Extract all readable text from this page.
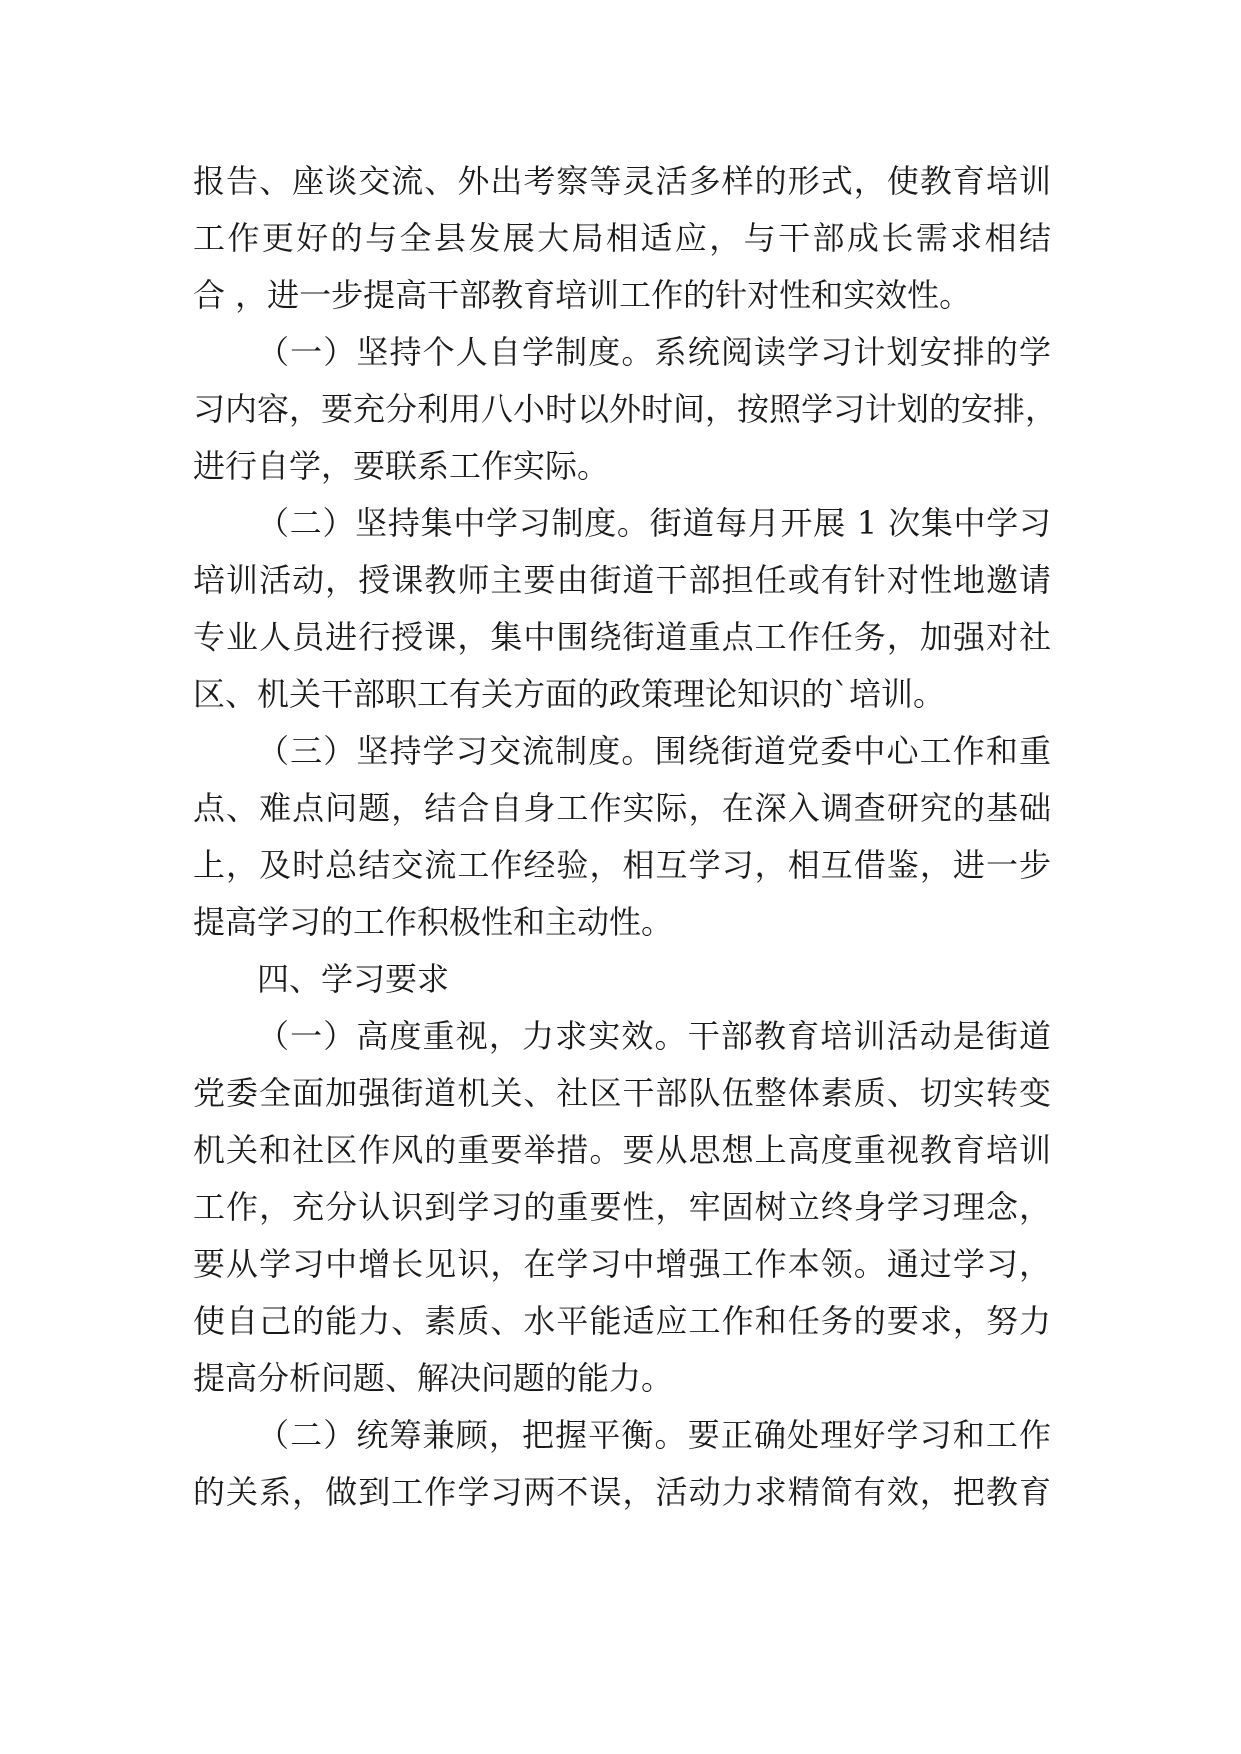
报告、座谈交流、外出考察等灵活多样的形式，使教育培训
工作更好的与全县发展大局相适应，与干部成长需求相结
合 ，进一步提高干部教育培训工作的针对性和实效性。
（一）坚持个人自学制度。系统阅读学习计划安排的学
习内容，要充分利用八小时以外时间，按照学习计划的安排，
进行自学，要联系工作实际。
（二）坚持集中学习制度。街道每月开展 1 次集中学习
培训活动，授课教师主要由街道干部担任或有针对性地邀请
专业人员进行授课，集中围绕街道重点工作任务，加强对社
区、机关干部职工有关方面的政策理论知识的`培训。
（三）坚持学习交流制度。围绕街道党委中心工作和重
点、难点问题，结合自身工作实际，在深入调查研究的基础
上，及时总结交流工作经验，相互学习，相互借鉴，进一步
提高学习的工作积极性和主动性。
四、学习要求
（一）高度重视，力求实效。干部教育培训活动是街道
党委全面加强街道机关、社区干部队伍整体素质、切实转变
机关和社区作风的重要举措。要从思想上高度重视教育培训
工作，充分认识到学习的重要性，牢固树立终身学习理念，
要从学习中增长见识，在学习中增强工作本领。通过学习，
使自己的能力、素质、水平能适应工作和任务的要求，努力
提高分析问题、解决问题的能力。
（二）统筹兼顾，把握平衡。要正确处理好学习和工作
的关系，做到工作学习两不误，活动力求精简有效，把教育
